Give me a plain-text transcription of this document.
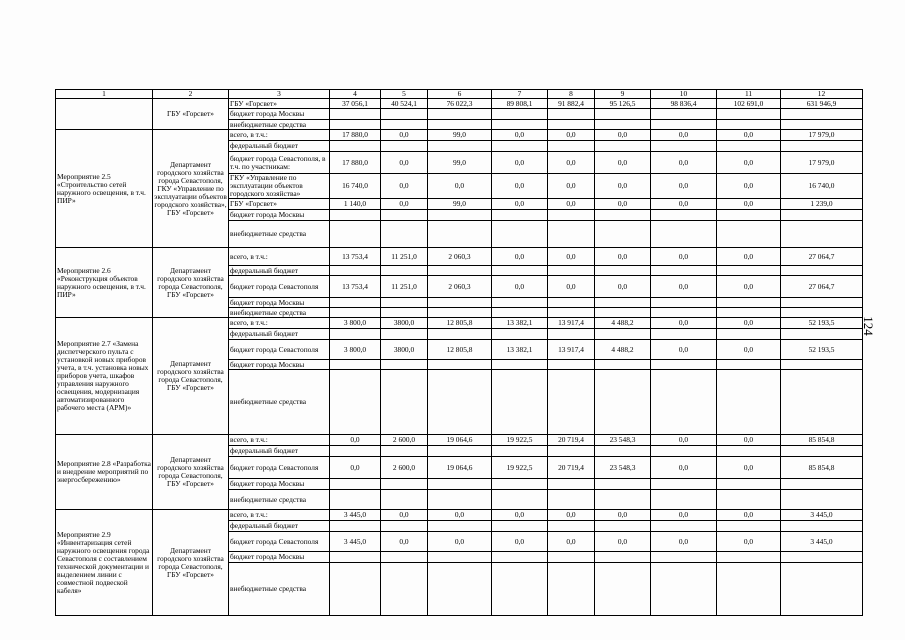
1	2	3	4	5	6	7	8	9	10	11	12
	ГБУ «Горсвет»	ГБУ «Горсвет»	37 056,1	40 524,1	76 022,3	89 808,1	91 882,4	95 126,5	98 836,4	102 691,0	631 946,9
		бюджет города Москвы									
		внебюджетные средства									
Мероприятие 2.5 «Строительство сетей наружного освещения, в т.ч. ПИР»	Департамент городского хозяйства города Севастополя, ГКУ «Управление по эксплуатации объектов городского хозяйства», ГБУ «Горсвет»	всего, в т.ч.:	17 880,0	0,0	99,0	0,0	0,0	0,0	0,0	0,0	17 979,0
		федеральный бюджет									
		бюджет города Севастополя, в т.ч. по участникам:	17 880,0	0,0	99,0	0,0	0,0	0,0	0,0	0,0	17 979,0
		ГКУ «Управление по эксплуатации объектов городского хозяйства»	16 740,0	0,0	0,0	0,0	0,0	0,0	0,0	0,0	16 740,0
		ГБУ «Горсвет»	1 140,0	0,0	99,0	0,0	0,0	0,0	0,0	0,0	1 239,0
		бюджет города Москвы									
		внебюджетные средства									
Мероприятие 2.6 «Реконструкция объектов наружного освещения, в т.ч. ПИР»	Департамент городского хозяйства города Севастополя, ГБУ «Горсвет»	всего, в т.ч.:	13 753,4	11 251,0	2 060,3	0,0	0,0	0,0	0,0	0,0	27 064,7
		федеральный бюджет									
		бюджет города Севастополя	13 753,4	11 251,0	2 060,3	0,0	0,0	0,0	0,0	0,0	27 064,7
		бюджет города Москвы									
		внебюджетные средства									
Мероприятие 2.7 «Замена диспетчерского пульта с установкой новых приборов учета, в т.ч. установка новых приборов учета, шкафов управления наружного освещения, модернизация автоматизированного рабочего места (АРМ)»	Департамент городского хозяйства города Севастополя, ГБУ «Горсвет»	всего, в т.ч.:	3 800,0	3800,0	12 805,8	13 382,1	13 917,4	4 488,2	0,0	0,0	52 193,5
		федеральный бюджет									
		бюджет города Севастополя	3 800,0	3800,0	12 805,8	13 382,1	13 917,4	4 488,2	0,0	0,0	52 193,5
		бюджет города Москвы									
		внебюджетные средства									
Мероприятие 2.8 «Разработка и внедрение мероприятий по энергосбережению»	Департамент городского хозяйства города Севастополя, ГБУ «Горсвет»	всего, в т.ч.:	0,0	2 600,0	19 064,6	19 922,5	20 719,4	23 548,3	0,0	0,0	85 854,8
		федеральный бюджет									
		бюджет города Севастополя	0,0	2 600,0	19 064,6	19 922,5	20 719,4	23 548,3	0,0	0,0	85 854,8
		бюджет города Москвы									
		внебюджетные средства									
Мероприятие 2.9 «Инвентаризация сетей наружного освещения города Севастополя с составлением технической документации и выделением линии с совместной подвеской кабеля»	Департамент городского хозяйства города Севастополя, ГБУ «Горсвет»	всего, в т.ч.:	3 445,0	0,0	0,0	0,0	0,0	0,0	0,0	0,0	3 445,0
		федеральный бюджет									
		бюджет города Севастополя	3 445,0	0,0	0,0	0,0	0,0	0,0	0,0	0,0	3 445,0
		бюджет города Москвы									
		внебюджетные средства									
124
